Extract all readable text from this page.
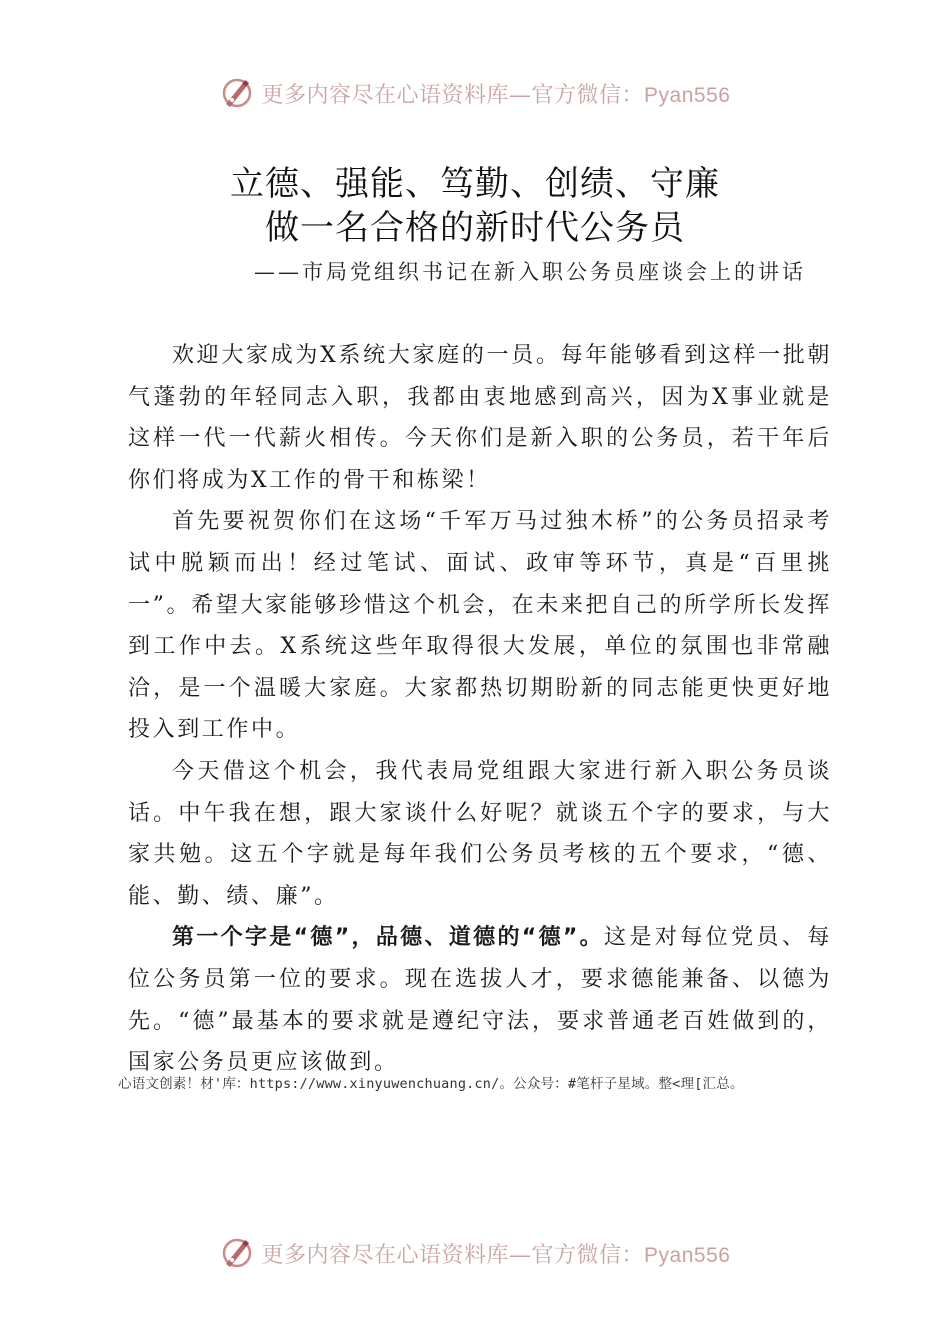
更多内容尽在心语资料库—官方微信：Pyan556
立德、强能、笃勤、创绩、守廉
做一名合格的新时代公务员
——市局党组织书记在新入职公务员座谈会上的讲话

欢迎大家成为X系统大家庭的一员。每年能够看到这样一批朝气蓬勃的年轻同志入职，我都由衷地感到高兴，因为X事业就是这样一代一代薪火相传。今天你们是新入职的公务员，若干年后你们将成为X工作的骨干和栋梁！

首先要祝贺你们在这场“千军万马过独木桥”的公务员招录考试中脱颖而出！经过笔试、面试、政审等环节，真是“百里挑一”。希望大家能够珍惜这个机会，在未来把自己的所学所长发挥到工作中去。X系统这些年取得很大发展，单位的氛围也非常融洽，是一个温暖大家庭。大家都热切期盼新的同志能更快更好地投入到工作中。

今天借这个机会，我代表局党组跟大家进行新入职公务员谈话。中午我在想，跟大家谈什么好呢？就谈五个字的要求，与大家共勉。这五个字就是每年我们公务员考核的五个要求，“德、能、勤、绩、廉”。

第一个字是“德”，品德、道德的“德”。这是对每位党员、每位公务员第一位的要求。现在选拔人才，要求德能兼备、以德为先。“德”最基本的要求就是遵纪守法，要求普通老百姓做到的，国家公务员更应该做到。

心语文创素！材'库：https://www.xinyuwenchuang.cn/。公众号：#笔杆子星域。整<理[汇总。
更多内容尽在心语资料库—官方微信：Pyan556
